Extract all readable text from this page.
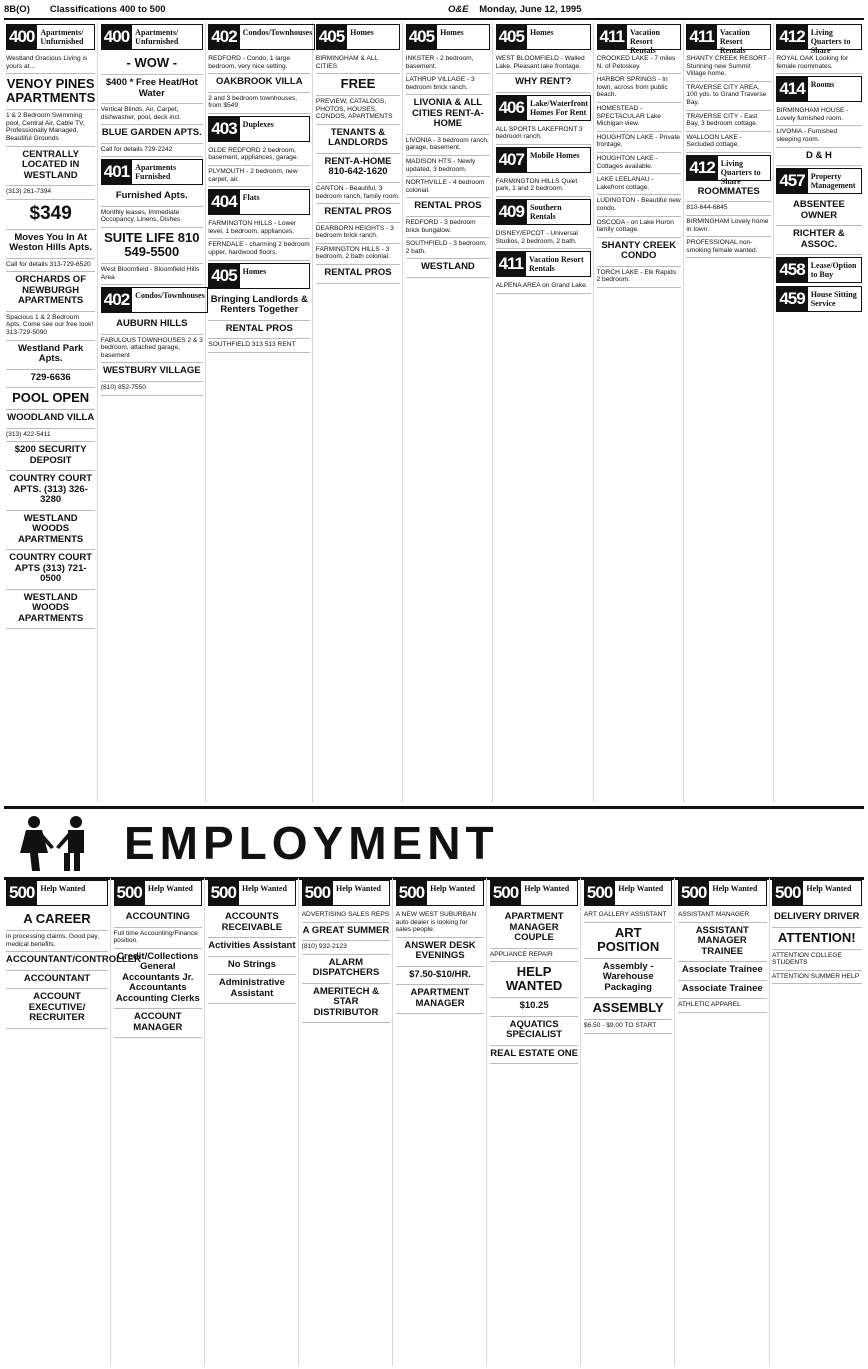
8B(O) Classifications 400 to 500	O&E Monday, June 12, 1995
400 Apartments/ Unfurnished
Westland Gracious Living is yours at...
VENOY PINES APARTMENTS
1 & 2 Bedroom Swimming pool, Central Air, Cable TV, Professionally Managed, Beautiful Grounds
CENTRALLY LOCATED IN WESTLAND
(313) 261-7394
$349
Moves You In At Weston Hills Apts.
Call for details 313-729-6520
ORCHARDS OF NEWBURGH APARTMENTS
Spacious 1 & 2 Bedroom Apts. Come see our free look! 313-729-5090
Westland Park Apts.
729-6636
POOL OPEN
WOODLAND VILLA
(313) 422-5411
$200 SECURITY DEPOSIT
COUNTRY COURT APTS. (313) 326-3280
WESTLAND WOODS APARTMENTS
COUNTRY COURT APTS (313) 721-0500
WESTLAND WOODS APARTMENTS
400 Apartments/ Unfurnished
- WOW -
$400 * Free Heat/Hot Water
Vertical Blinds, Air, Carpet, dishwasher, pool, deck incl.
BLUE GARDEN APTS.
Call for details 729-2242
401 Apartments Furnished
Furnished Apts.
Monthly leases, Immediate Occupancy, Linens, Dishes
SUITE LIFE 810 549-5500
West Bloomfield - Bloomfield Hills Area
402 Condos/Townhouses
AUBURN HILLS
FABULOUS TOWNHOUSES 2 & 3 bedroom, attached garage, basement
WESTBURY VILLAGE
(810) 852-7550
402 Condos/Townhouses
REDFORD - Condo, 1 large bedroom, very nice setting.
OAKBROOK VILLA
2 and 3 bedroom townhouses, from $549
403 Duplexes
OLDE REDFORD 2 bedroom, basement, appliances, garage.
PLYMOUTH - 2 bedroom, new carpet, air.
404 Flats
FARMINGTON HILLS - Lower level, 1 bedroom, appliances.
FERNDALE - charming 2 bedroom upper, hardwood floors.
405 Homes
Bringing Landlords & Renters Together
RENTAL PROS
SOUTHFIELD 313 513 RENT
405 Homes
BIRMINGHAM & ALL CITIES
FREE
PREVIEW, CATALOGS, PHOTOS, HOUSES, CONDOS, APARTMENTS
TENANTS & LANDLORDS
RENT-A-HOME 810-642-1620
CANTON - Beautiful, 3 bedroom ranch, family room.
RENTAL PROS
DEARBORN HEIGHTS - 3 bedroom brick ranch.
FARMINGTON HILLS - 3 bedroom, 2 bath colonial.
RENTAL PROS
405 Homes
INKSTER - 2 bedroom, basement.
LATHRUP VILLAGE - 3 bedroom brick ranch.
LIVONIA & ALL CITIES RENT-A-HOME
LIVONIA - 3 bedroom ranch, garage, basement.
MADISON HTS - Newly updated, 3 bedroom.
NORTHVILLE - 4 bedroom colonial.
RENTAL PROS
REDFORD - 3 bedroom brick bungalow.
SOUTHFIELD - 3 bedroom, 2 bath.
WESTLAND
405 Homes
WEST BLOOMFIELD - Walled Lake. Pleasant lake frontage.
WHY RENT?
406 Lake/Waterfront Homes For Rent
ALL SPORTS LAKEFRONT 3 bedroom ranch.
407 Mobile Homes
FARMINGTON HILLS Quiet park, 1 and 2 bedroom.
409 Southern Rentals
DISNEY/EPCOT - Universal Studios, 2 bedroom, 2 bath.
411 Vacation Resort Rentals
ALPENA AREA on Grand Lake.
411 Vacation Resort Rentals
CROOKED LAKE - 7 miles N. of Petoskey.
HARBOR SPRINGS - In town, across from public beach.
HOMESTEAD - SPECTACULAR Lake Michigan view.
HOUGHTON LAKE - Private frontage.
HOUGHTON LAKE - Cottages available.
LAKE LEELANAU - Lakefront cottage.
LUDINGTON - Beautiful new condo.
OSCODA - on Lake Huron family cottage.
SHANTY CREEK CONDO
TORCH LAKE - Elk Rapids 2 bedroom.
411 Vacation Resort Rentals
SHANTY CREEK RESORT - Stunning new Summit Village home.
TRAVERSE CITY AREA, 100 yds. to Grand Traverse Bay.
TRAVERSE CITY - East Bay, 3 bedroom cottage.
WALLOON LAKE - Secluded cottage.
412 Living Quarters to Share
ROOMMATES
810-644-6845
BIRMINGHAM Lovely home in town.
PROFESSIONAL non-smoking female wanted.
412 Living Quarters to Share
ROYAL OAK Looking for female roommates.
414 Rooms
BIRMINGHAM HOUSE - Lovely furnished room.
LIVONIA - Furnished sleeping room.
D & H
457 Property Management
ABSENTEE OWNER
RICHTER & ASSOC.
458 Lease/Option to Buy
459 House Sitting Service
EMPLOYMENT
500 Help Wanted
A CAREER
in processing claims. Good pay, medical benefits.
ACCOUNTANT/CONTROLLER
ACCOUNTANT
ACCOUNT EXECUTIVE/ RECRUITER
500 Help Wanted
ACCOUNTING
Full time Accounting/Finance position.
Credit/Collections General Accountants Jr. Accountants Accounting Clerks
ACCOUNT MANAGER
500 Help Wanted
ACCOUNTS RECEIVABLE
Activities Assistant
No Strings
Administrative Assistant
500 Help Wanted
ADVERTISING SALES REPS
A GREAT SUMMER
(810) 932-2123
ALARM DISPATCHERS
AMERITECH & STAR DISTRIBUTOR
500 Help Wanted
A NEW WEST SUBURBAN auto dealer is looking for sales people.
ANSWER DESK EVENINGS
$7.50-$10/HR.
APARTMENT MANAGER
500 Help Wanted
APARTMENT MANAGER COUPLE
APPLIANCE REPAIR
HELP WANTED
$10.25
AQUATICS SPECIALIST
REAL ESTATE ONE
500 Help Wanted
ART GALLERY ASSISTANT
ART POSITION
Assembly - Warehouse Packaging
ASSEMBLY
$6.50 - $9.00 TO START
500 Help Wanted
ASSISTANT MANAGER
ASSISTANT MANAGER TRAINEE
Associate Trainee
Associate Trainee
ATHLETIC APPAREL
500 Help Wanted
DELIVERY DRIVER
ATTENTION!
ATTENTION COLLEGE STUDENTS
ATTENTION SUMMER HELP
